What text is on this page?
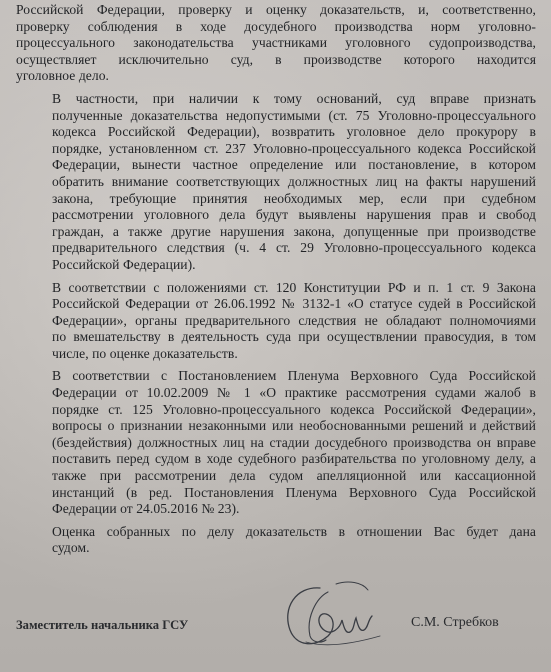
Российской Федерации, проверку и оценку доказательств, и, соответственно,
проверку соблюдения в ходе досудебного производства норм уголовно-
процессуального законодательства участниками уголовного судопроизводства,
осуществляет исключительно суд, в производстве которого находится
уголовное дело.
В частности, при наличии к тому оснований, суд вправе признать
полученные доказательства недопустимыми (ст. 75 Уголовно-процессуального
кодекса Российской Федерации), возвратить уголовное дело прокурору в
порядке, установленном ст. 237 Уголовно-процессуального кодекса Российской
Федерации, вынести частное определение или постановление, в котором
обратить внимание соответствующих должностных лиц на факты нарушений
закона, требующие принятия необходимых мер, если при судебном
рассмотрении уголовного дела будут выявлены нарушения прав и свобод
граждан, а также другие нарушения закона, допущенные при производстве
предварительного следствия (ч. 4 ст. 29 Уголовно-процессуального кодекса
Российской Федерации).
В соответствии с положениями ст. 120 Конституции РФ и п. 1 ст. 9 Закона
Российской Федерации от 26.06.1992 № 3132-1 «О статусе судей в Российской
Федерации», органы предварительного следствия не обладают полномочиями
по вмешательству в деятельность суда при осуществлении правосудия, в том
числе, по оценке доказательств.
В соответствии с Постановлением Пленума Верховного Суда Российской
Федерации от 10.02.2009 № 1 «О практике рассмотрения судами жалоб в
порядке ст. 125 Уголовно-процессуального кодекса Российской Федерации»,
вопросы о признании незаконными или необоснованными решений и действий
(бездействия) должностных лиц на стадии досудебного производства он вправе
поставить перед судом в ходе судебного разбирательства по уголовному делу, а
также при рассмотрении дела судом апелляционной или кассационной
инстанций (в ред. Постановления Пленума Верховного Суда Российской
Федерации от 24.05.2016 № 23).
Оценка собранных по делу доказательств в отношении Вас будет дана
судом.
Заместитель начальника ГСУ	С.М. Стребков
